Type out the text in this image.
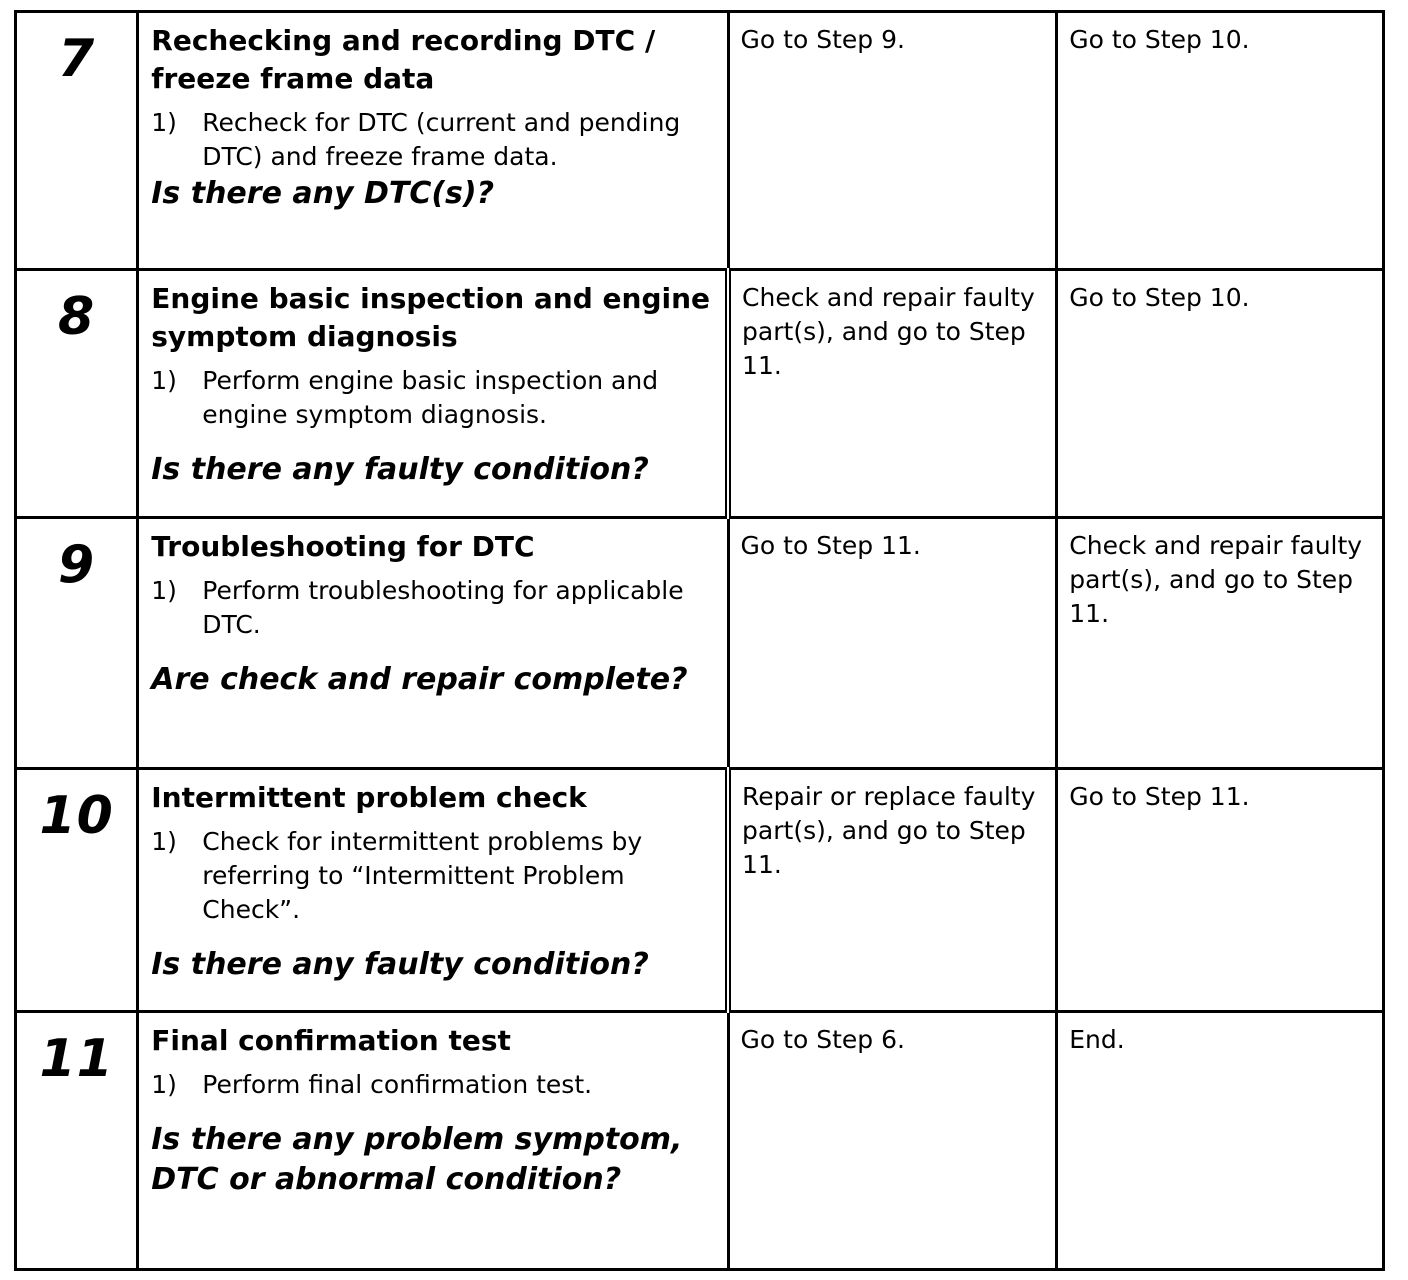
7	Rechecking and recording DTC / freeze frame data
1) Recheck for DTC (current and pending DTC) and freeze frame data.
Is there any DTC(s)?	Go to Step 9.	Go to Step 10.

8	Engine basic inspection and engine symptom diagnosis
1) Perform engine basic inspection and engine symptom diagnosis.
Is there any faulty condition?	Check and repair faulty part(s), and go to Step 11.	Go to Step 10.

9	Troubleshooting for DTC
1) Perform troubleshooting for applicable DTC.
Are check and repair complete?	Go to Step 11.	Check and repair faulty part(s), and go to Step 11.

10	Intermittent problem check
1) Check for intermittent problems by referring to “Intermittent Problem Check”.
Is there any faulty condition?	Repair or replace faulty part(s), and go to Step 11.	Go to Step 11.

11	Final confirmation test
1) Perform final confirmation test.
Is there any problem symptom, DTC or abnormal condition?	Go to Step 6.	End.
